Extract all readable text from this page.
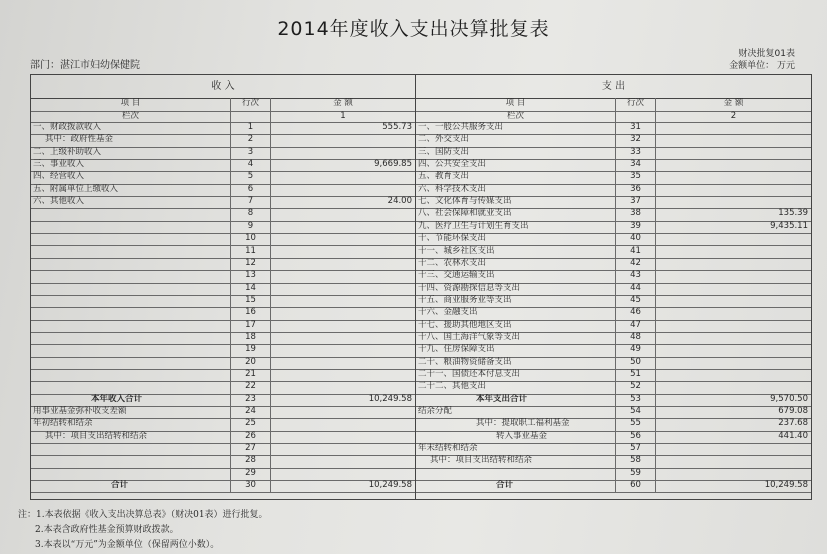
2014年度收入支出决算批复表
部门：湛江市妇幼保健院
财决批复01表
金额单位： 万元
收 入
项 目	行次	金 额
栏次	1
一、财政拨款收入	1	555.73
其中：政府性基金	2
二、上级补助收入	3
三、事业收入	4	9,669.85
四、经营收入	5
五、附属单位上缴收入	6
六、其他收入	7	24.00
8
9
10
11
12
13
14
15
16
17
18
19
20
21
22
本年收入合计	23	10,249.58
用事业基金弥补收支差额	24
年初结转和结余	25
其中：项目支出结转和结余	26
27
28
29
合计	30	10,249.58
支 出
项 目	行次	金 额
栏次	2
一、一般公共服务支出	31
二、外交支出	32
三、国防支出	33
四、公共安全支出	34
五、教育支出	35
六、科学技术支出	36
七、文化体育与传媒支出	37
八、社会保障和就业支出	38	135.39
九、医疗卫生与计划生育支出	39	9,435.11
十、节能环保支出	40
十一、城乡社区支出	41
十二、农林水支出	42
十三、交通运输支出	43
十四、资源勘探信息等支出	44
十五、商业服务业等支出	45
十六、金融支出	46
十七、援助其他地区支出	47
十八、国土海洋气象等支出	48
十九、住房保障支出	49
二十、粮油物资储备支出	50
二十一、国债还本付息支出	51
二十二、其他支出	52
本年支出合计	53	9,570.50
结余分配	54	679.08
其中：提取职工福利基金	55	237.68
转入事业基金	56	441.40
年末结转和结余	57
其中：项目支出结转和结余	58
59
合计	60	10,249.58
注：1.本表依据《收入支出决算总表》（财决01表）进行批复。
2.本表含政府性基金预算财政拨款。
3.本表以“万元”为金额单位（保留两位小数）。
